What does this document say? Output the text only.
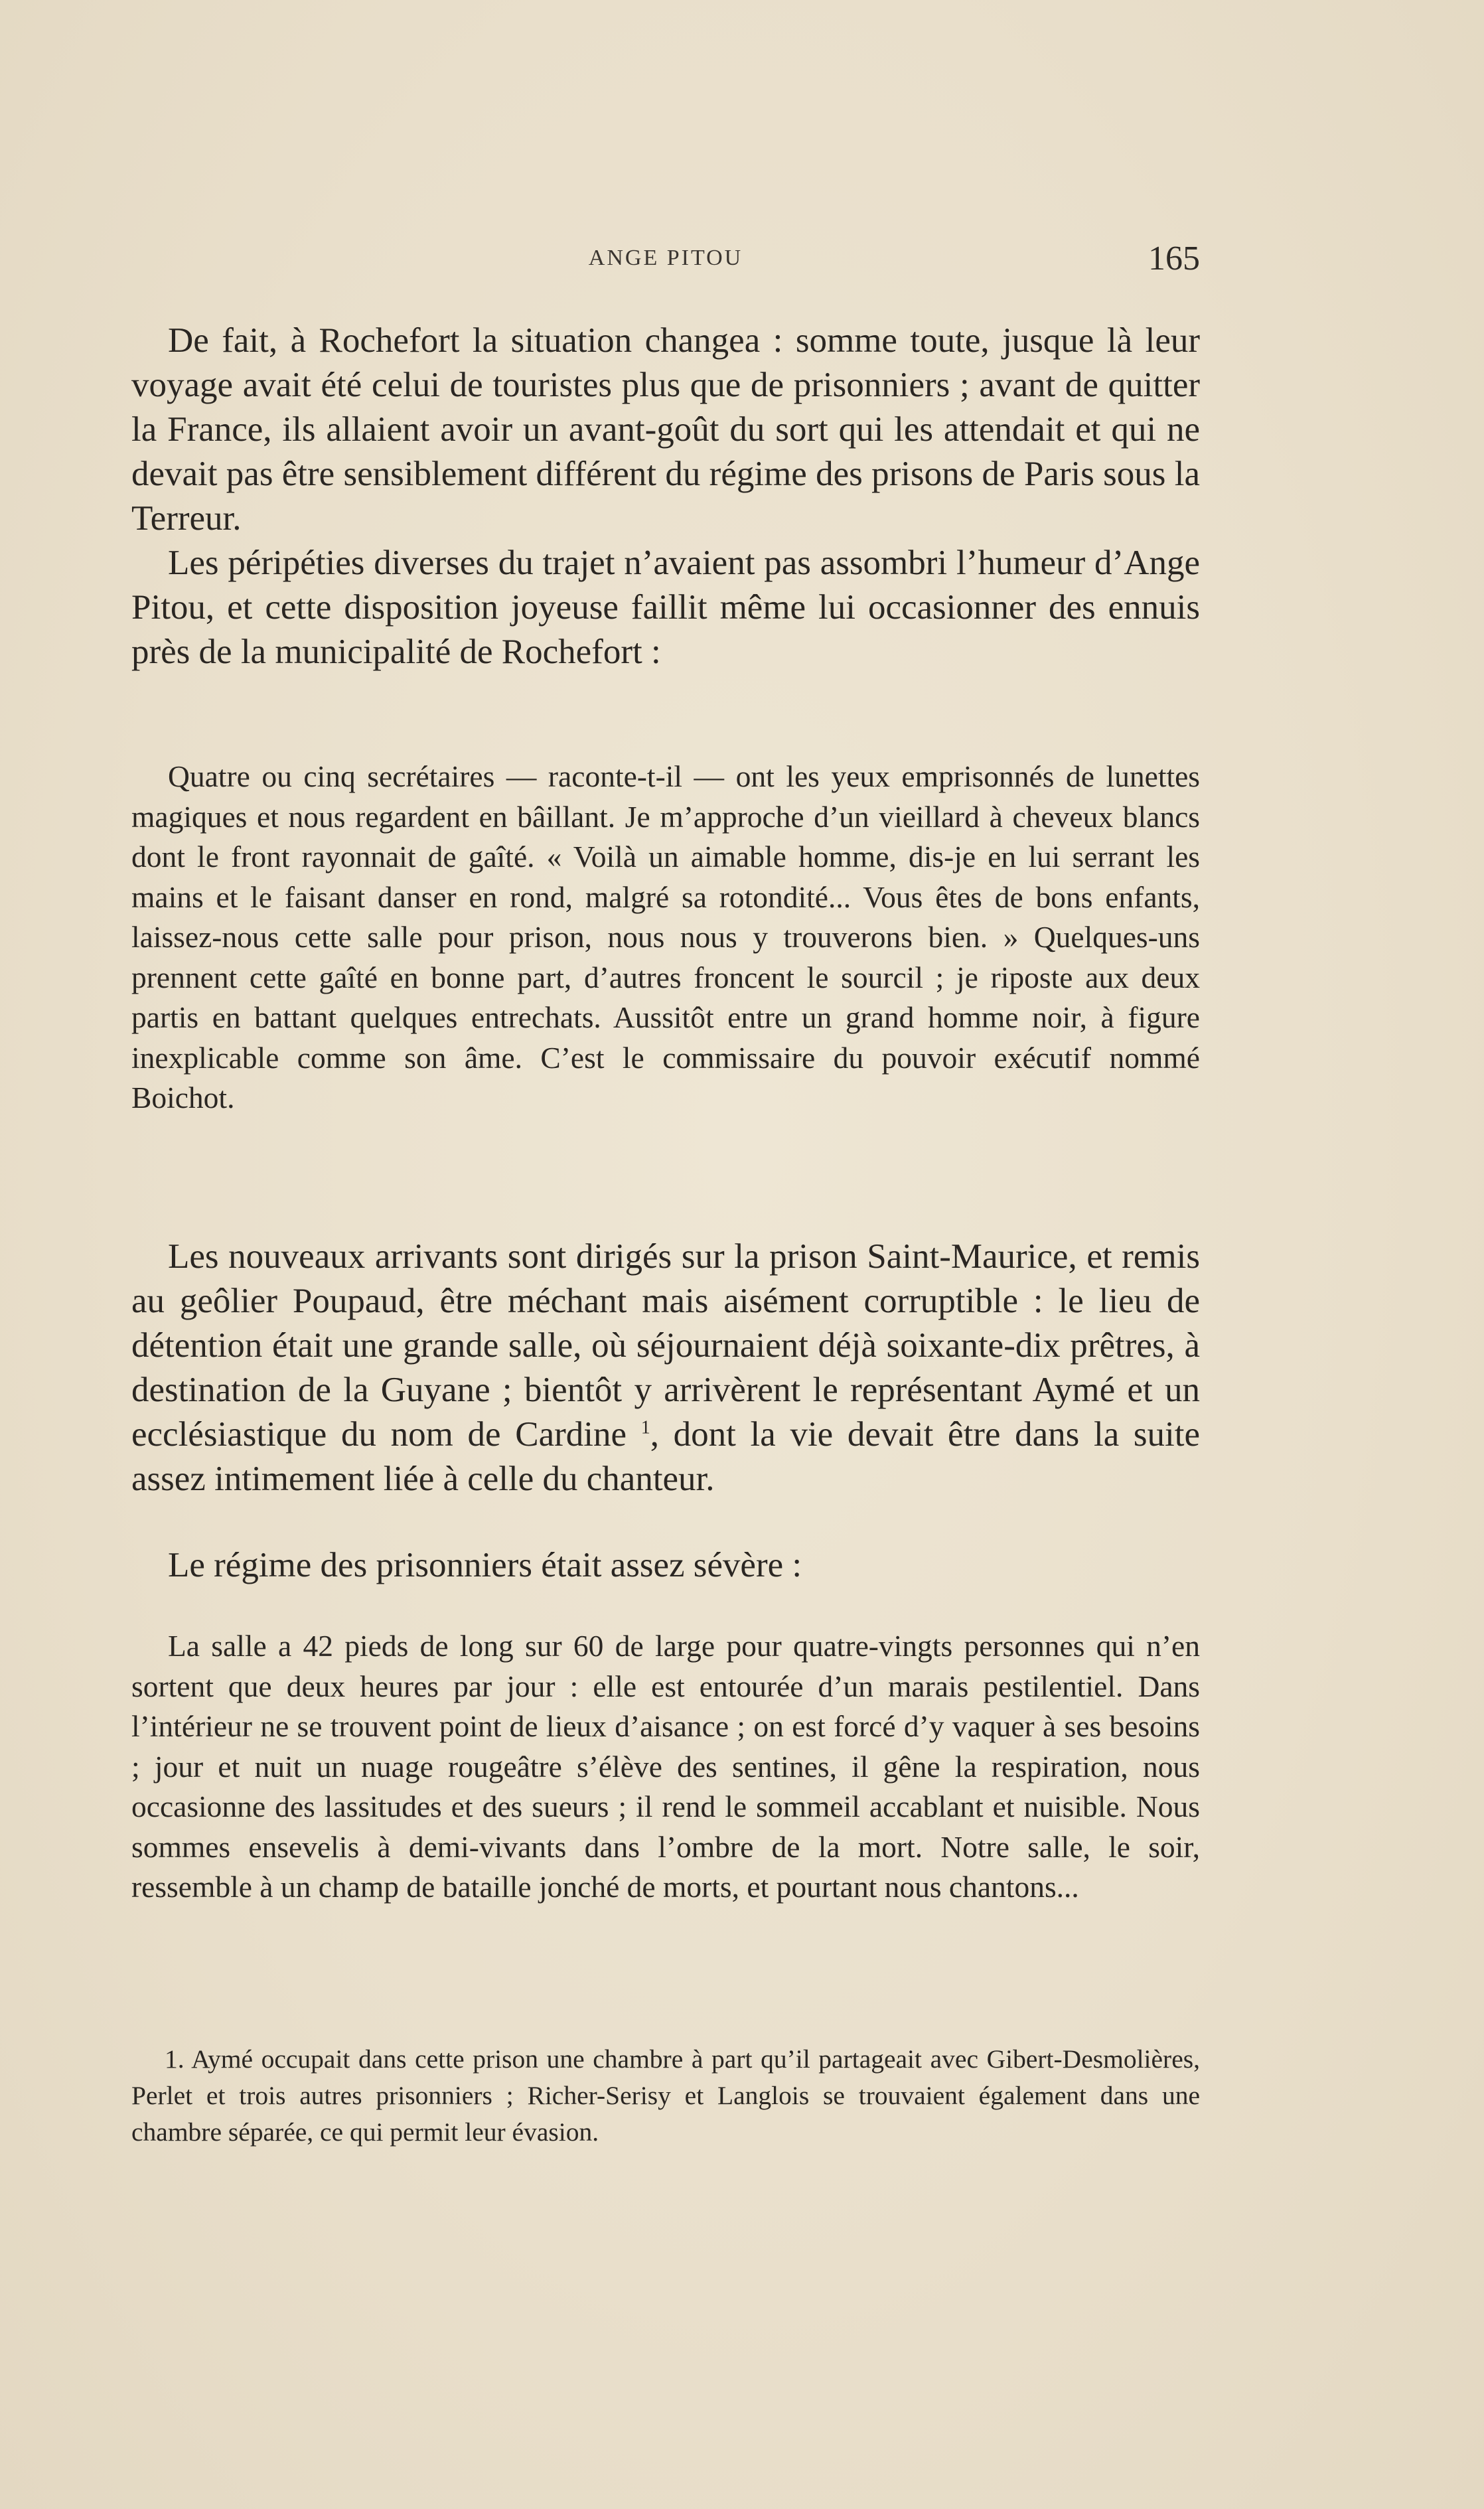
ANGE PITOU	165

De fait, à Rochefort la situation changea : somme toute, jusque là leur voyage avait été celui de touristes plus que de prisonniers ; avant de quitter la France, ils allaient avoir un avant-goût du sort qui les attendait et qui ne devait pas être sensiblement différent du régime des prisons de Paris sous la Terreur.

Les péripéties diverses du trajet n’avaient pas assombri l’humeur d’Ange Pitou, et cette disposition joyeuse faillit même lui occasionner des ennuis près de la municipalité de Rochefort :

Quatre ou cinq secrétaires — raconte-t-il — ont les yeux emprisonnés de lunettes magiques et nous regardent en bâillant. Je m’approche d’un vieillard à cheveux blancs dont le front rayonnait de gaîté. « Voilà un aimable homme, dis-je en lui serrant les mains et le faisant danser en rond, malgré sa rotondité... Vous êtes de bons enfants, laissez-nous cette salle pour prison, nous nous y trouverons bien. » Quelques-uns prennent cette gaîté en bonne part, d’autres froncent le sourcil ; je riposte aux deux partis en battant quelques entrechats. Aussitôt entre un grand homme noir, à figure inexplicable comme son âme. C’est le commissaire du pouvoir exécutif nommé Boichot.

Les nouveaux arrivants sont dirigés sur la prison Saint-Maurice, et remis au geôlier Poupaud, être méchant mais aisément corruptible : le lieu de détention était une grande salle, où séjournaient déjà soixante-dix prêtres, à destination de la Guyane ; bientôt y arrivèrent le représentant Aymé et un ecclésiastique du nom de Cardine $^1$, dont la vie devait être dans la suite assez intimement liée à celle du chanteur.

Le régime des prisonniers était assez sévère :

La salle a 42 pieds de long sur 60 de large pour quatre-vingts personnes qui n’en sortent que deux heures par jour : elle est entourée d’un marais pestilentiel. Dans l’intérieur ne se trouvent point de lieux d’aisance ; on est forcé d’y vaquer à ses besoins ; jour et nuit un nuage rougeâtre s’élève des sentines, il gêne la respiration, nous occasionne des lassitudes et des sueurs ; il rend le sommeil accablant et nuisible. Nous sommes ensevelis à demi-vivants dans l’ombre de la mort. Notre salle, le soir, ressemble à un champ de bataille jonché de morts, et pourtant nous chantons...

1. Aymé occupait dans cette prison une chambre à part qu’il partageait avec Gibert-Desmolières, Perlet et trois autres prisonniers ; Richer-Serisy et Langlois se trouvaient également dans une chambre séparée, ce qui permit leur évasion.
